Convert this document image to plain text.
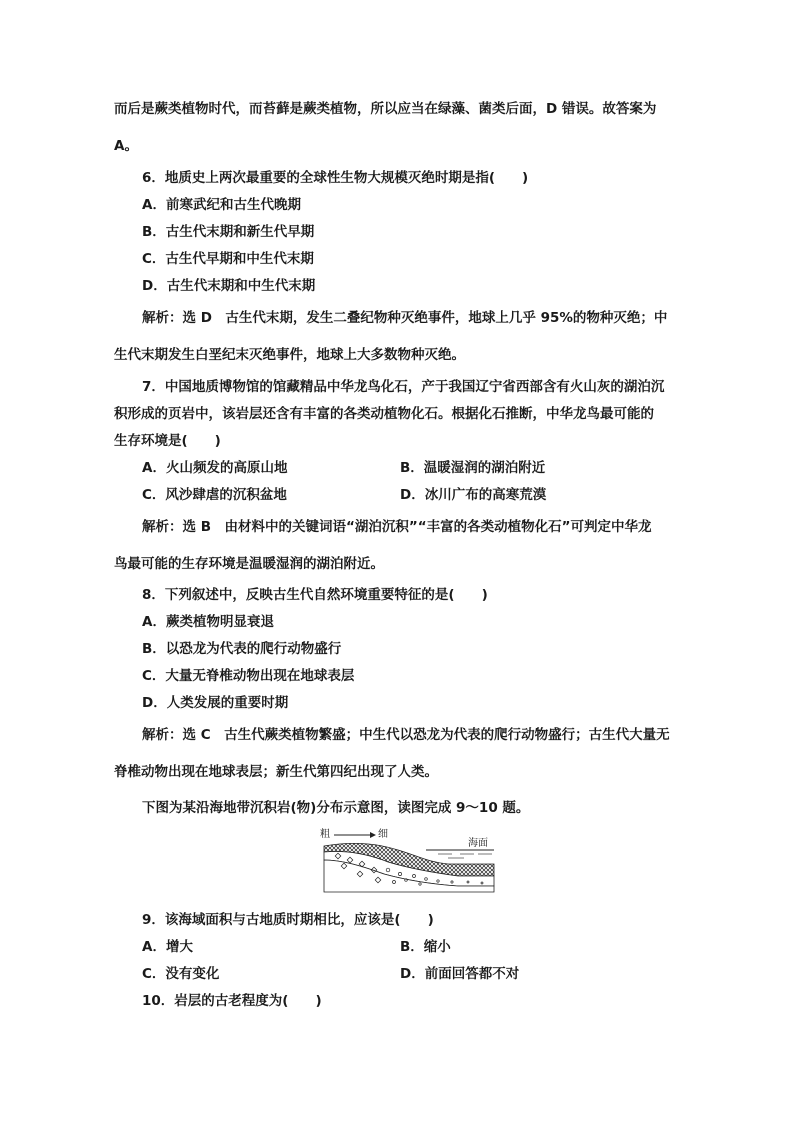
而后是蕨类植物时代，而苔藓是蕨类植物，所以应当在绿藻、菌类后面，D 错误。故答案为
A。
6．地质史上两次最重要的全球性生物大规模灭绝时期是指(　　)
A．前寒武纪和古生代晚期
B．古生代末期和新生代早期
C．古生代早期和中生代末期
D．古生代末期和中生代末期
解析：选 D　古生代末期，发生二叠纪物种灭绝事件，地球上几乎 95%的物种灭绝；中
生代末期发生白垩纪末灭绝事件，地球上大多数物种灭绝。
7．中国地质博物馆的馆藏精品中华龙鸟化石，产于我国辽宁省西部含有火山灰的湖泊沉
积形成的页岩中，该岩层还含有丰富的各类动植物化石。根据化石推断，中华龙鸟最可能的
生存环境是(　　)
A．火山频发的高原山地	B．温暖湿润的湖泊附近
C．风沙肆虐的沉积盆地	D．冰川广布的高寒荒漠
解析：选 B　由材料中的关键词语“湖泊沉积”“丰富的各类动植物化石”可判定中华龙
鸟最可能的生存环境是温暖湿润的湖泊附近。
8．下列叙述中，反映古生代自然环境重要特征的是(　　)
A．蕨类植物明显衰退
B．以恐龙为代表的爬行动物盛行
C．大量无脊椎动物出现在地球表层
D．人类发展的重要时期
解析：选 C　古生代蕨类植物繁盛；中生代以恐龙为代表的爬行动物盛行；古生代大量无
脊椎动物出现在地球表层；新生代第四纪出现了人类。
下图为某沿海地带沉积岩(物)分布示意图，读图完成 9～10 题。
粗	细
海面
9．该海域面积与古地质时期相比，应该是(　　)
A．增大	B．缩小
C．没有变化	D．前面回答都不对
10．岩层的古老程度为(　　)
